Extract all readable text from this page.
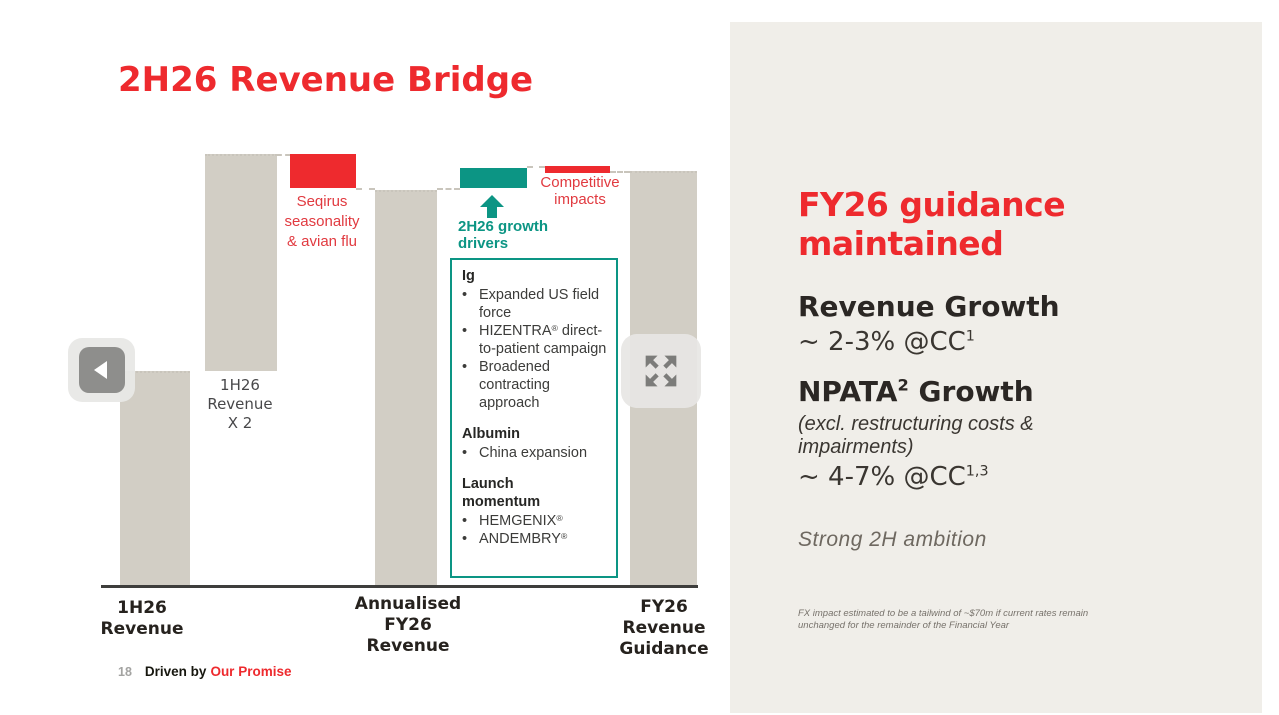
2H26 Revenue Bridge
1H26
Revenue
X 2
Seqirus
seasonality
& avian flu
2H26 growth
drivers
Competitive
impacts
Ig
• Expanded US field force
• HIZENTRA® direct-to-patient campaign
• Broadened contracting approach
Albumin
• China expansion
Launch momentum
• HEMGENIX®
• ANDEMBRY®
1H26
Revenue
Annualised
FY26
Revenue
FY26
Revenue
Guidance
18 Driven by Our Promise
FY26 guidance
maintained
Revenue Growth
~ 2-3% $@CC^1$
NPATA$^2$ Growth
(excl. restructuring costs &
impairments)
~ 4-7% @CC$^{1,3}$
Strong 2H ambition
FX impact estimated to be a tailwind of ~$70m if current rates remain
unchanged for the remainder of the Financial Year
